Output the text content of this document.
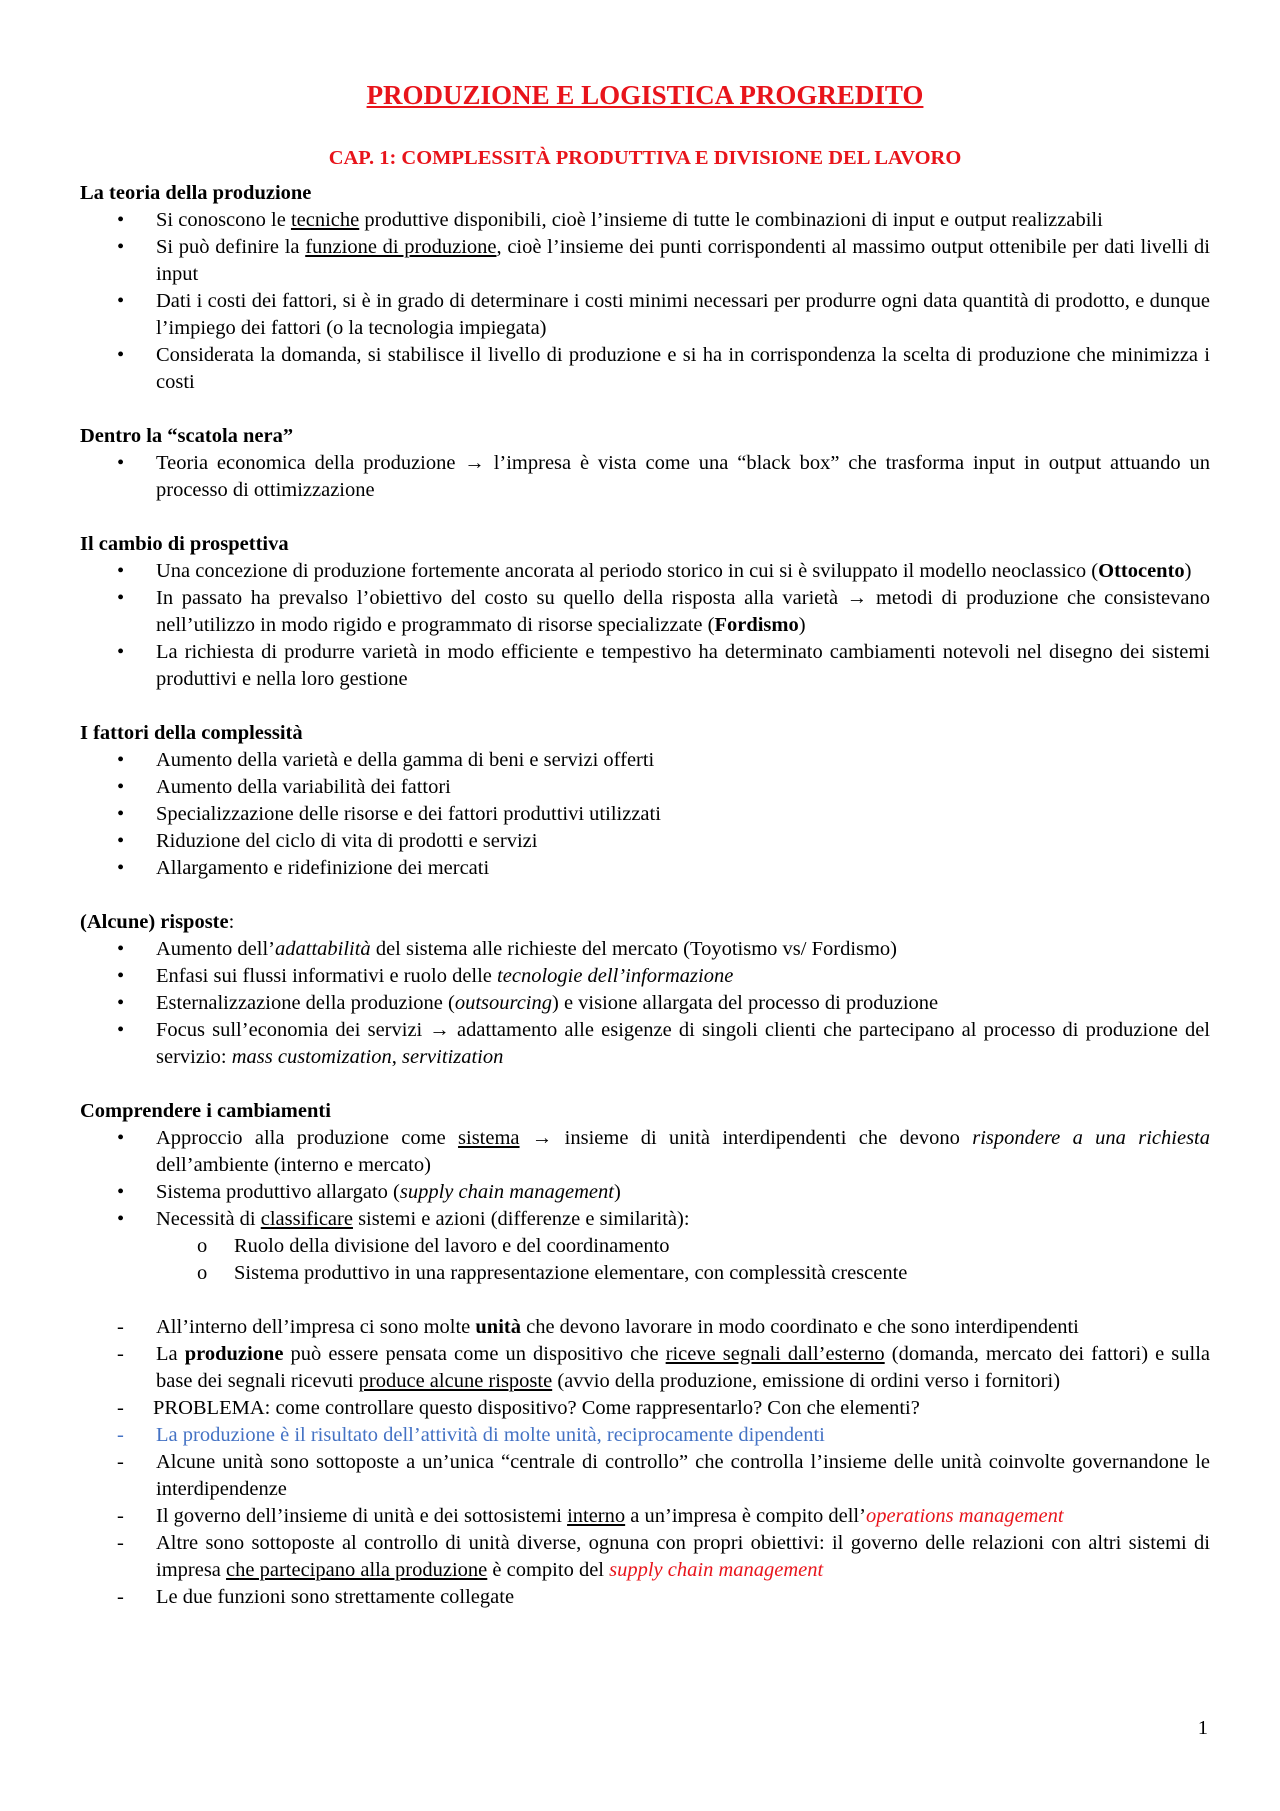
PRODUZIONE E LOGISTICA PROGREDITO
CAP. 1: COMPLESSITÀ PRODUTTIVA E DIVISIONE DEL LAVORO

La teoria della produzione

• Si conoscono le tecniche produttive disponibili, cioè l’insieme di tutte le combinazioni di input e output realizzabili
• Si può definire la funzione di produzione, cioè l’insieme dei punti corrispondenti al massimo output ottenibile per dati livelli di input
• Dati i costi dei fattori, si è in grado di determinare i costi minimi necessari per produrre ogni data quantità di prodotto, e dunque l’impiego dei fattori (o la tecnologia impiegata)
• Considerata la domanda, si stabilisce il livello di produzione e si ha in corrispondenza la scelta di produzione che minimizza i costi

Dentro la “scatola nera”

• Teoria economica della produzione → l’impresa è vista come una “black box” che trasforma input in output attuando un processo di ottimizzazione

Il cambio di prospettiva

• Una concezione di produzione fortemente ancorata al periodo storico in cui si è sviluppato il modello neoclassico (Ottocento)
• In passato ha prevalso l’obiettivo del costo su quello della risposta alla varietà → metodi di produzione che consistevano nell’utilizzo in modo rigido e programmato di risorse specializzate (Fordismo)
• La richiesta di produrre varietà in modo efficiente e tempestivo ha determinato cambiamenti notevoli nel disegno dei sistemi produttivi e nella loro gestione

I fattori della complessità

• Aumento della varietà e della gamma di beni e servizi offerti
• Aumento della variabilità dei fattori
• Specializzazione delle risorse e dei fattori produttivi utilizzati
• Riduzione del ciclo di vita di prodotti e servizi
• Allargamento e ridefinizione dei mercati

(Alcune) risposte:

• Aumento dell’adattabilità del sistema alle richieste del mercato (Toyotismo vs/ Fordismo)
• Enfasi sui flussi informativi e ruolo delle tecnologie dell’informazione
• Esternalizzazione della produzione (outsourcing) e visione allargata del processo di produzione
• Focus sull’economia dei servizi → adattamento alle esigenze di singoli clienti che partecipano al processo di produzione del servizio: mass customization, servitization

Comprendere i cambiamenti

• Approccio alla produzione come sistema → insieme di unità interdipendenti che devono rispondere a una richiesta dell’ambiente (interno e mercato)
• Sistema produttivo allargato (supply chain management)
• Necessità di classificare sistemi e azioni (differenze e similarità):
o Ruolo della divisione del lavoro e del coordinamento
o Sistema produttivo in una rappresentazione elementare, con complessità crescente
- All’interno dell’impresa ci sono molte unità che devono lavorare in modo coordinato e che sono interdipendenti
- La produzione può essere pensata come un dispositivo che riceve segnali dall’esterno (domanda, mercato dei fattori) e sulla base dei segnali ricevuti produce alcune risposte (avvio della produzione, emissione di ordini verso i fornitori)
- PROBLEMA: come controllare questo dispositivo? Come rappresentarlo? Con che elementi?
- La produzione è il risultato dell’attività di molte unità, reciprocamente dipendenti
- Alcune unità sono sottoposte a un’unica “centrale di controllo” che controlla l’insieme delle unità coinvolte governandone le interdipendenze
- Il governo dell’insieme di unità e dei sottosistemi interno a un’impresa è compito dell’operations management
- Altre sono sottoposte al controllo di unità diverse, ognuna con propri obiettivi: il governo delle relazioni con altri sistemi di impresa che partecipano alla produzione è compito del supply chain management
- Le due funzioni sono strettamente collegate
1
